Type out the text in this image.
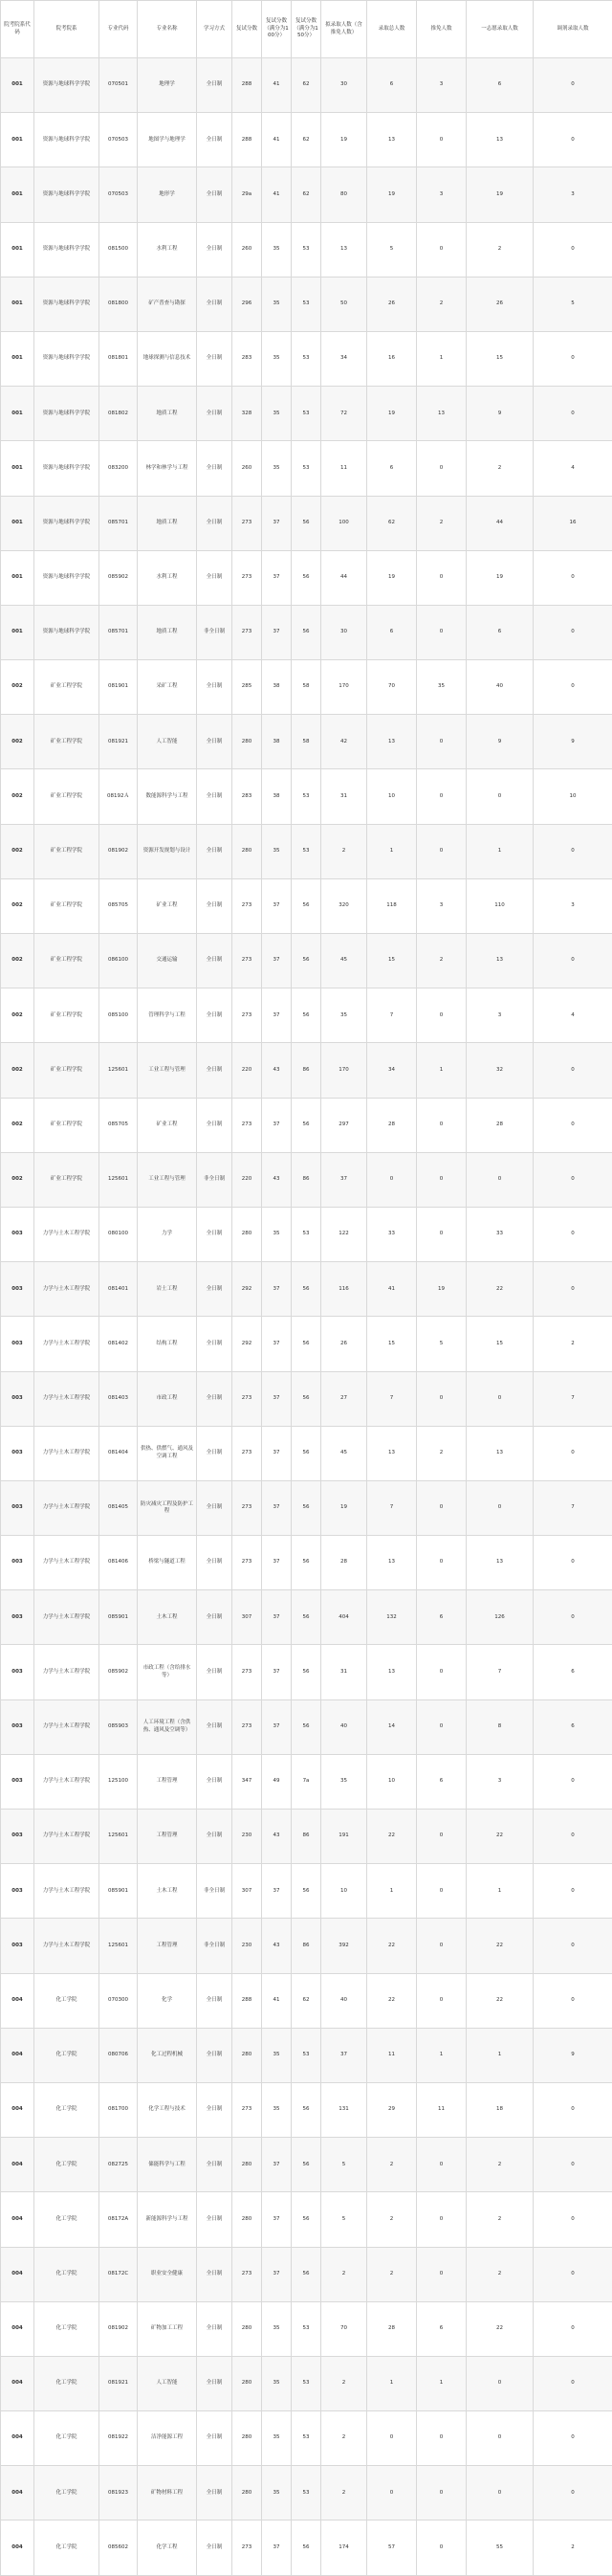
院考院系代码	院考院系	专业代码	专业名称	学习方式	复试分数	复试分数（满分为100分）	复试分数（满分为150分）	拟录取人数（含推免人数）	录取总人数	推免人数	一志愿录取人数	调剂录取人数
001	资源与地球科学学院	070501	地理学	全日制	288	41	62	30	6	3	6	0
001	资源与地球科学学院	070503	地图学与地理学	全日制	288	41	62	19	13	0	13	0
001	资源与地球科学学院	070503	地形学	全日制	29a	41	62	80	19	3	19	3
001	资源与地球科学学院	081500	水利工程	全日制	260	35	53	13	5	0	2	0
001	资源与地球科学学院	081800	矿产普查与勘探	全日制	296	35	53	50	26	2	26	5
001	资源与地球科学学院	081801	地球探测与信息技术	全日制	283	35	53	34	16	1	15	0
001	资源与地球科学学院	081802	地质工程	全日制	328	35	53	72	19	13	9	0
001	资源与地球科学学院	083200	林学和林学与工程	全日制	260	35	53	11	6	0	2	4
001	资源与地球科学学院	085701	地质工程	全日制	273	37	56	100	62	2	44	16
001	资源与地球科学学院	085902	水利工程	全日制	273	37	56	44	19	0	19	0
001	资源与地球科学学院	085701	地质工程	非全日制	273	37	56	30	6	0	6	0
002	矿业工程学院	081901	采矿工程	全日制	285	38	58	170	70	35	40	0
002	矿业工程学院	081921	人工智能	全日制	280	38	58	42	13	0	9	9
002	矿业工程学院	08192Ａ	数能源科学与工程	全日制	283	38	53	31	10	0	0	10
002	矿业工程学院	081902	资源开发规划与设计	全日制	280	35	53	2	1	0	1	0
002	矿业工程学院	085705	矿业工程	全日制	273	37	56	320	118	3	110	3
002	矿业工程学院	086100	交通运输	全日制	273	37	56	45	15	2	13	0
002	矿业工程学院	085100	管理科学与工程	全日制	273	37	56	35	7	0	3	4
002	矿业工程学院	125601	工业工程与管理	全日制	220	43	86	170	34	1	32	0
002	矿业工程学院	085705	矿业工程	全日制	273	37	56	297	28	0	28	0
002	矿业工程学院	125601	工业工程与管理	非全日制	220	43	86	37	0	0	0	0
003	力学与土木工程学院	080100	力学	全日制	280	35	53	122	33	0	33	0
003	力学与土木工程学院	081401	岩土工程	全日制	292	37	56	116	41	19	22	0
003	力学与土木工程学院	081402	结构工程	全日制	292	37	56	26	15	5	15	2
003	力学与土木工程学院	081403	市政工程	全日制	273	37	56	27	7	0	0	7
003	力学与土木工程学院	081404	供热、供燃气、通风及空调工程	全日制	273	37	56	45	13	2	13	0
003	力学与土木工程学院	081405	防灾减灾工程及防护工程	全日制	273	37	56	19	7	0	0	7
003	力学与土木工程学院	081406	桥梁与隧道工程	全日制	273	37	56	28	13	0	13	0
003	力学与土木工程学院	085901	土木工程	全日制	307	37	56	404	132	6	126	0
003	力学与土木工程学院	085902	市政工程（含给排水等）	全日制	273	37	56	31	13	0	7	6
003	力学与土木工程学院	085903	人工环境工程（含供热、通风及空调等）	全日制	273	37	56	40	14	0	8	6
003	力学与土木工程学院	125100	工程管理	全日制	347	49	7a	35	10	6	3	0
003	力学与土木工程学院	125601	工程管理	全日制	230	43	86	191	22	0	22	0
003	力学与土木工程学院	085901	土木工程	非全日制	307	37	56	10	1	0	1	0
003	力学与土木工程学院	125601	工程管理	非全日制	230	43	86	392	22	0	22	0
004	化工学院	070300	化学	全日制	288	41	62	40	22	0	22	0
004	化工学院	080706	化工过程机械	全日制	280	35	53	37	11	1	1	9
004	化工学院	081700	化学工程与技术	全日制	273	35	56	131	29	11	18	0
004	化工学院	082725	储能科学与工程	全日制	280	37	56	5	2	0	2	0
004	化工学院	08172A	新能源科学与工程	全日制	280	37	56	5	2	0	2	0
004	化工学院	08172C	职业安全健康	全日制	273	37	56	2	2	0	2	0
004	化工学院	081902	矿物加工工程	全日制	280	35	53	70	28	6	22	0
004	化工学院	081921	人工智能	全日制	280	35	53	2	1	1	0	0
004	化工学院	081922	洁净能源工程	全日制	280	35	53	2	0	0	0	0
004	化工学院	081923	矿物材料工程	全日制	280	35	53	2	0	0	0	0
004	化工学院	085602	化学工程	全日制	273	37	56	174	57	0	55	2
